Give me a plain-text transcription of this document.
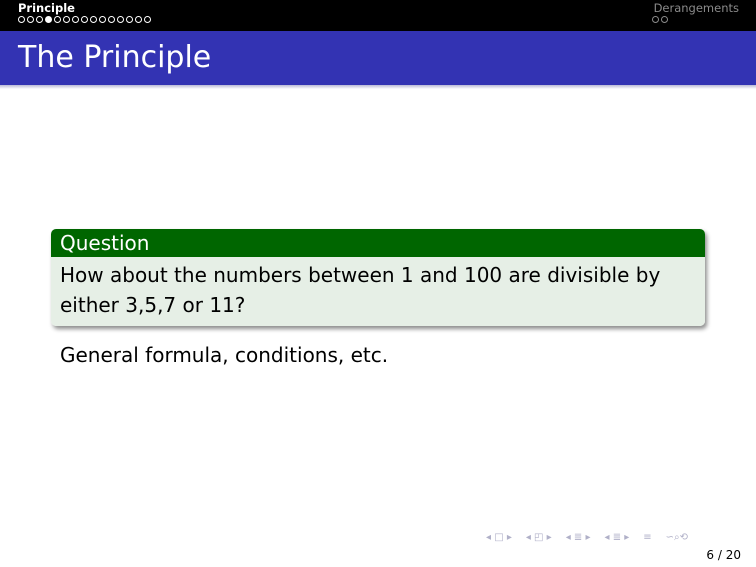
Principle	Derangements
The Principle
Question
How about the numbers between 1 and 100 are divisible by either 3,5,7 or 11?
General formula, conditions, etc.
◂ □ ▸ ◂ ◰ ▸ ◂ ≣ ▸ ◂ ≣ ▸ ≡ ∽⌕⟲
6 / 20
